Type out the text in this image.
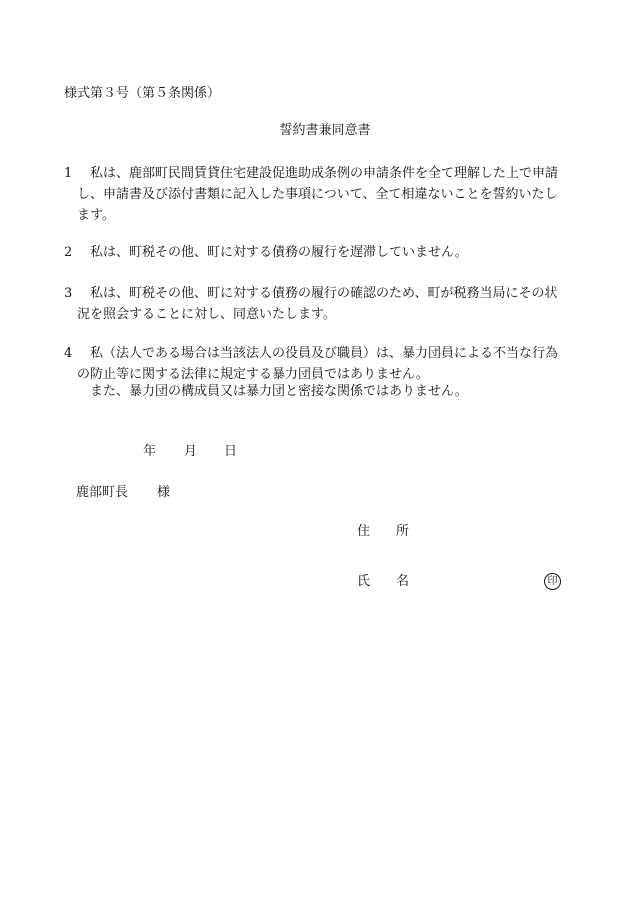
様式第３号（第５条関係）
誓約書兼同意書
1 私は、鹿部町民間賃貸住宅建設促進助成条例の申請条件を全て理解した上で申請
し、申請書及び添付書類に記入した事項について、全て相違ないことを誓約いたし
ます。
2 私は、町税その他、町に対する債務の履行を遅滞していません。
3 私は、町税その他、町に対する債務の履行の確認のため、町が税務当局にその状
況を照会することに対し、同意いたします。
4 私（法人である場合は当該法人の役員及び職員）は、暴力団員による不当な行為
の防止等に関する法律に規定する暴力団員ではありません。
また、暴力団の構成員又は暴力団と密接な関係ではありません。
年 月 日
鹿部町長 様
住　　所
氏　　名	印
